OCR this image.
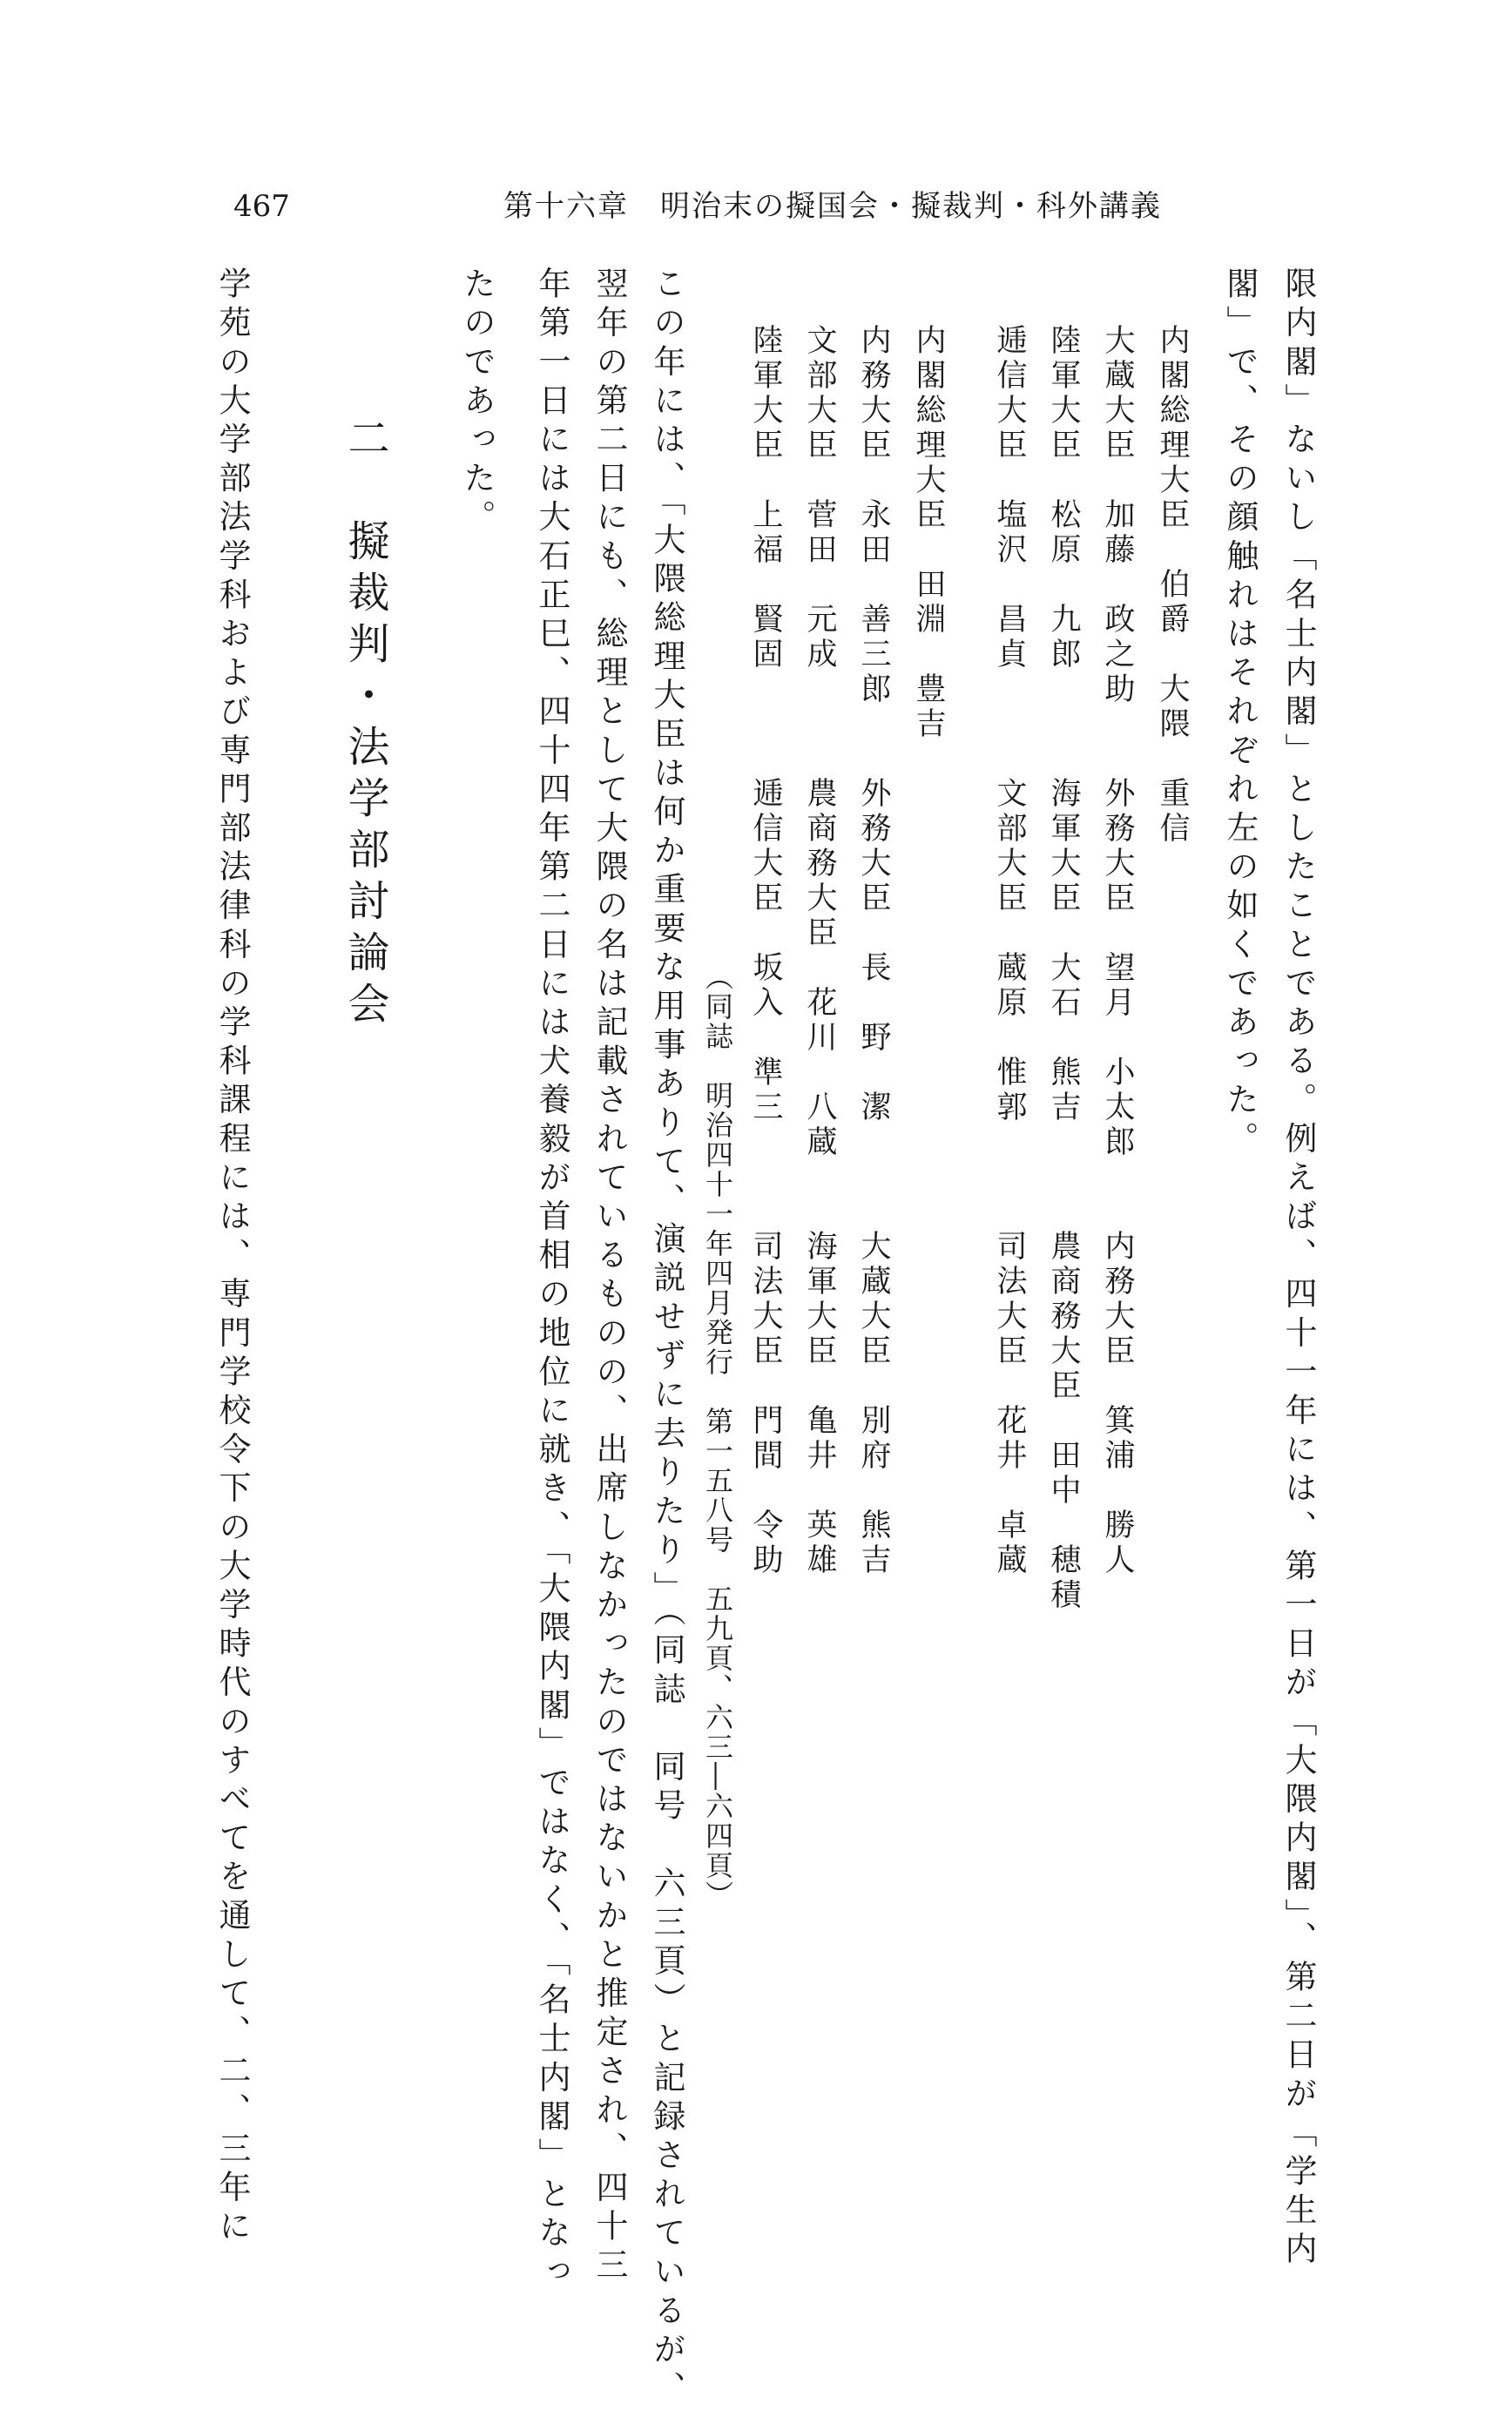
467	第十六章　明治末の擬国会・擬裁判・科外講義
限内閣」ないし「名士内閣」としたことである。例えば、四十一年には、第一日が「大隈内閣」、第二日が「学生内
閣」で、その顔触れはそれぞれ左の如くであった。
内閣総理大臣　伯爵　大隈　重信
大蔵大臣　加藤　政之助　　外務大臣　望月　小太郎　　内務大臣　箕浦　勝人
陸軍大臣　松原　九郎　　　海軍大臣　大石　熊吉　　　農商務大臣　田中　穂積
逓信大臣　塩沢　昌貞　　　文部大臣　蔵原　惟郭　　　司法大臣　花井　卓蔵
内閣総理大臣　田淵　豊吉
内務大臣　永田　善三郎　　外務大臣　長　野　潔　　　大蔵大臣　別府　熊吉
文部大臣　菅田　元成　　　農商務大臣　花川　八蔵　　海軍大臣　亀井　英雄
陸軍大臣　上福　賢固　　　逓信大臣　坂入　準三　　　司法大臣　門間　令助
（同誌　明治四十一年四月発行　第一五八号　五九頁、六三―六四頁）
この年には、「大隈総理大臣は何か重要な用事ありて、演説せずに去りたり」（同誌　同号　六三頁）と記録されているが、
翌年の第二日にも、総理として大隈の名は記載されているものの、出席しなかったのではないかと推定され、四十三
年第一日には大石正巳、四十四年第二日には犬養毅が首相の地位に就き、「大隈内閣」ではなく、「名士内閣」となっ
たのであった。
二　擬裁判・法学部討論会
学苑の大学部法学科および専門部法律科の学科課程には、専門学校令下の大学時代のすべてを通して、二、三年に
